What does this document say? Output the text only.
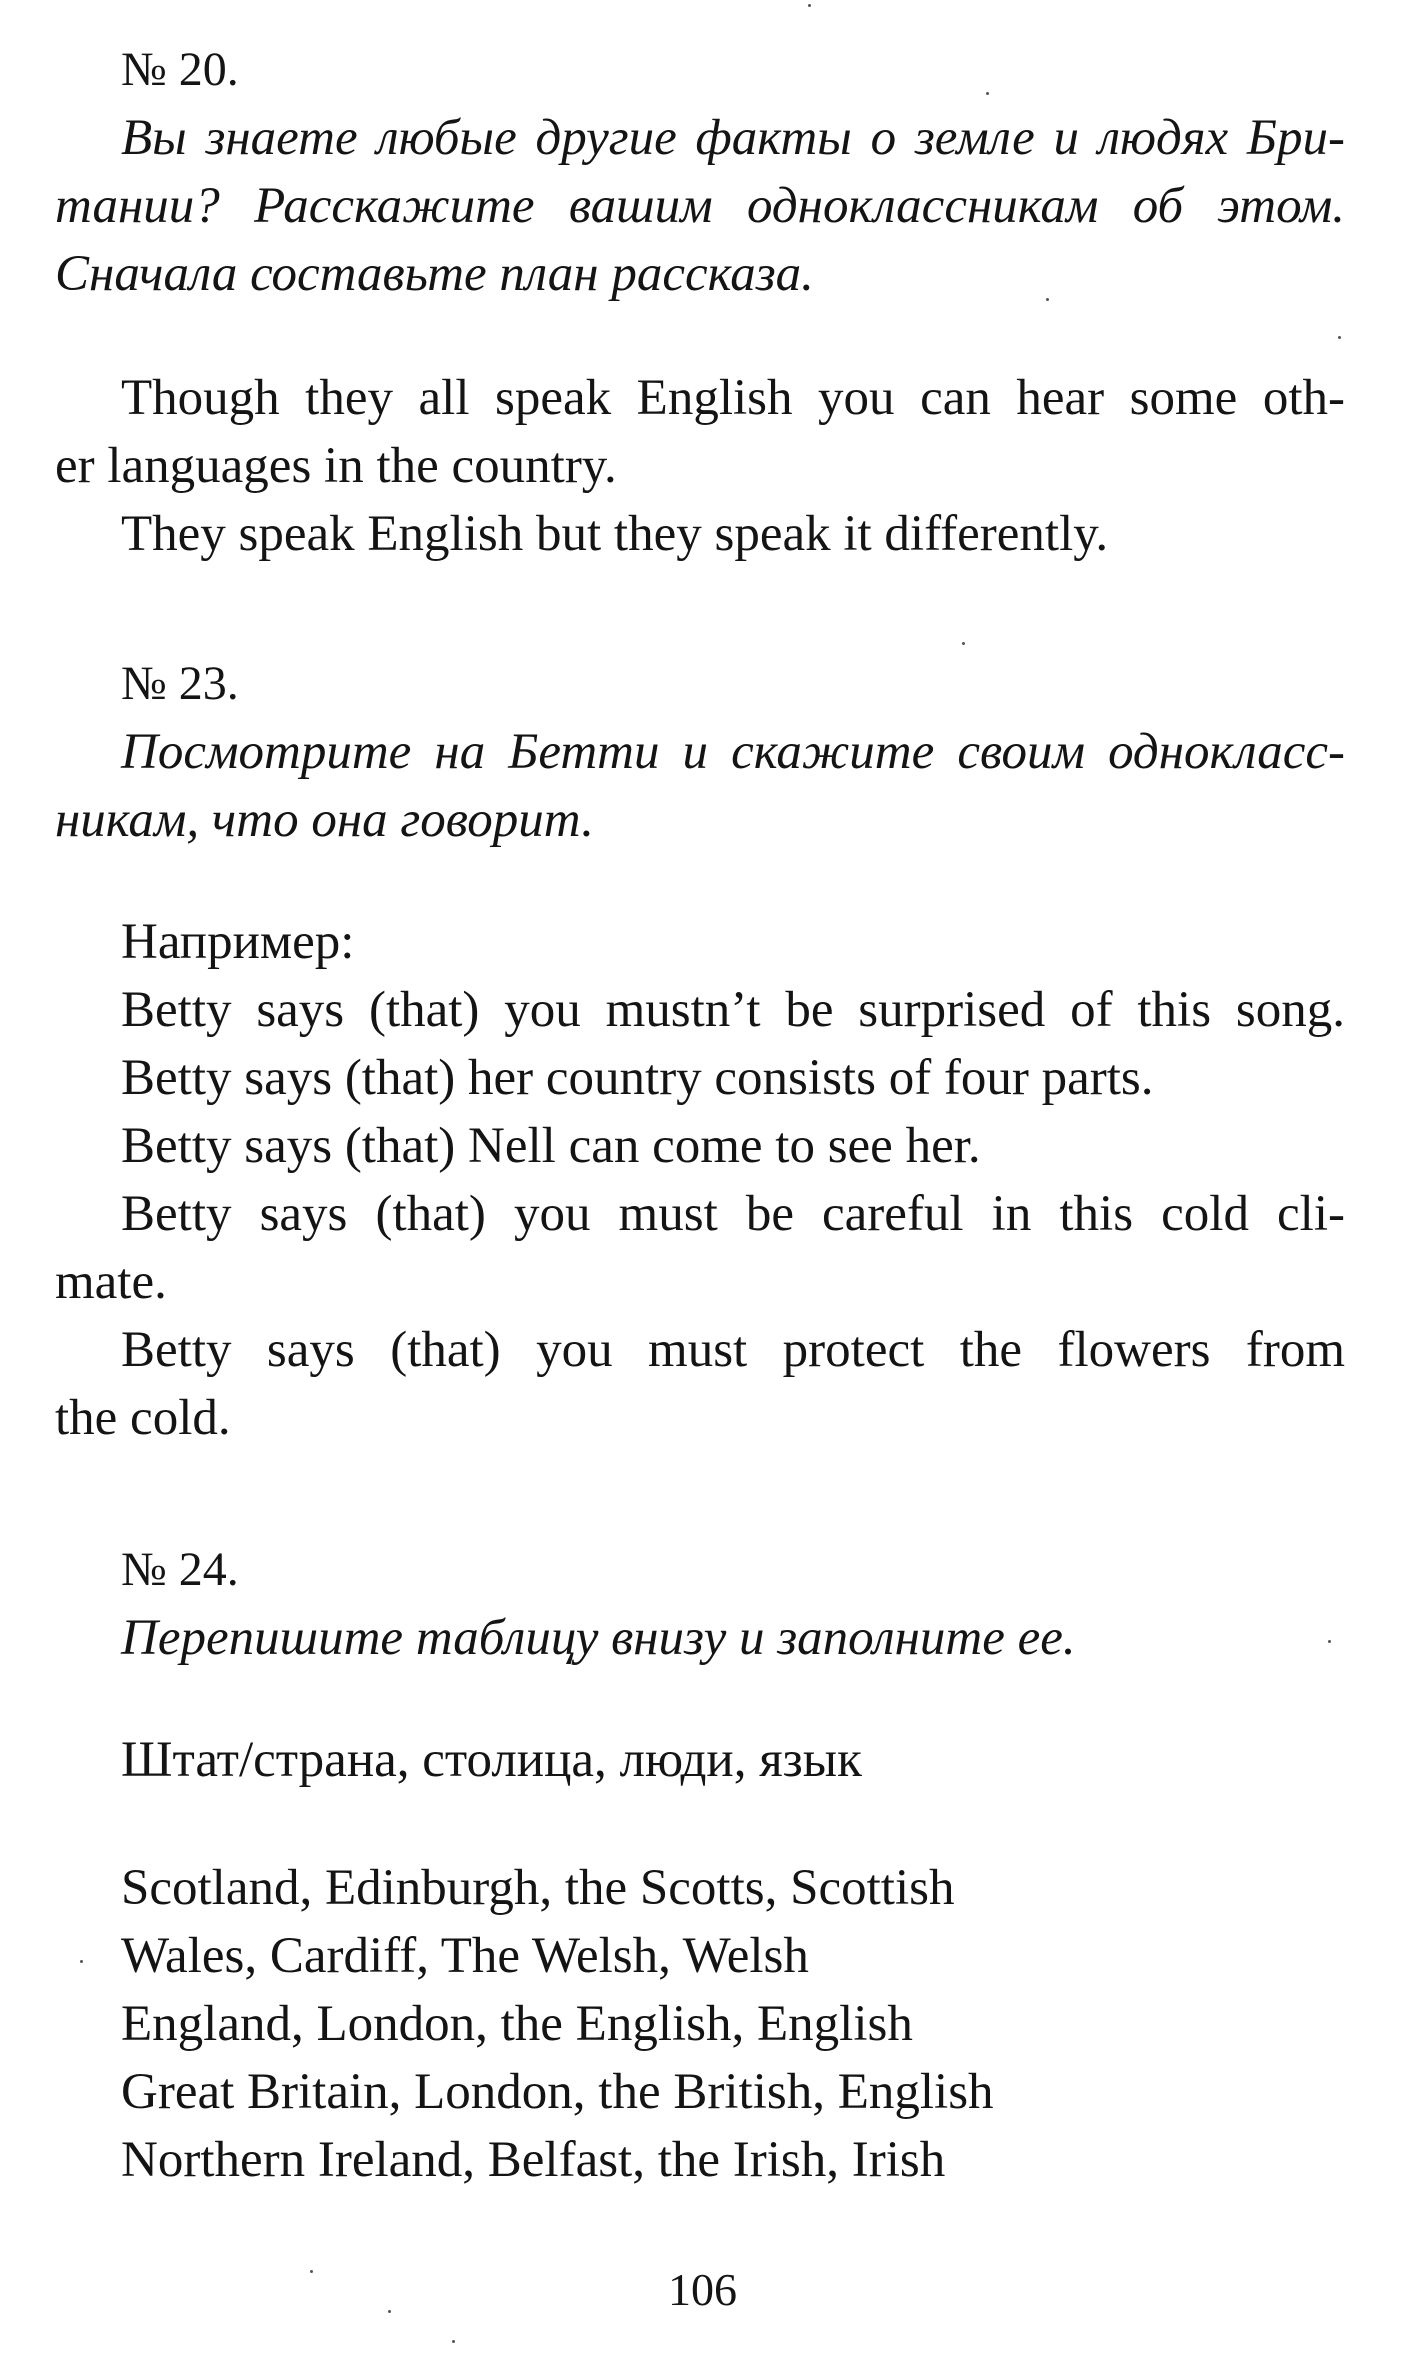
№ 20.
Вы знаете любые другие факты о земле и людях Бри-
тании? Расскажите вашим одноклассникам об этом.
Сначала составьте план рассказа.
Though they all speak English you can hear some oth-
er languages in the country.
They speak English but they speak it differently.
№ 23.
Посмотрите на Бетти и скажите своим однокласс-
никам, что она говорит.
Например:
Betty says (that) you mustn’t be surprised of this song.
Betty says (that) her country consists of four parts.
Betty says (that) Nell can come to see her.
Betty says (that) you must be careful in this cold cli-
mate.
Betty says (that) you must protect the flowers from
the cold.
№ 24.
Перепишите таблицу внизу и заполните ее.
Штат/страна, столица, люди, язык
Scotland, Edinburgh, the Scotts, Scottish
Wales, Cardiff, The Welsh, Welsh
England, London, the English, English
Great Britain, London, the British, English
Northern Ireland, Belfast, the Irish, Irish
106
